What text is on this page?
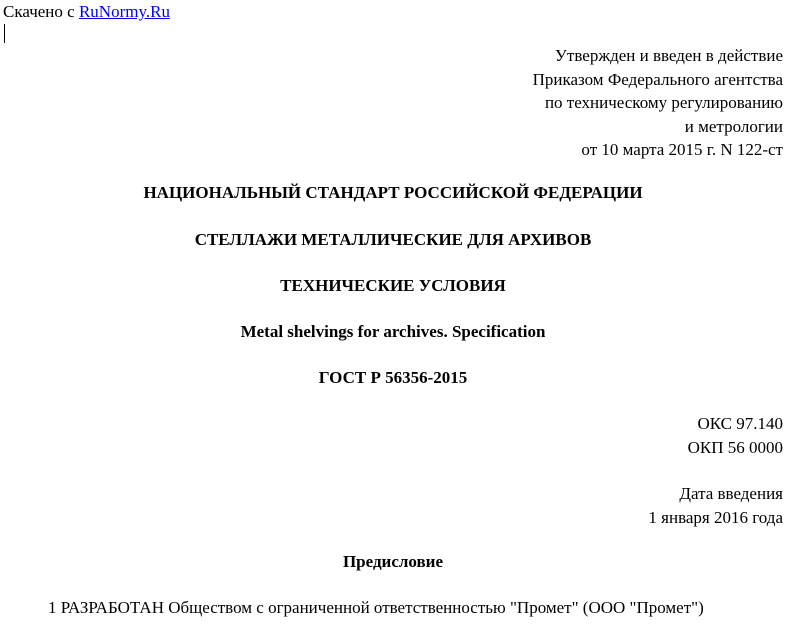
Скачено с RuNormy.Ru
Утвержден и введен в действие
Приказом Федерального агентства
по техническому регулированию
и метрологии
от 10 марта 2015 г. N 122-ст
НАЦИОНАЛЬНЫЙ СТАНДАРТ РОССИЙСКОЙ ФЕДЕРАЦИИ
СТЕЛЛАЖИ МЕТАЛЛИЧЕСКИЕ ДЛЯ АРХИВОВ
ТЕХНИЧЕСКИЕ УСЛОВИЯ
Metal shelvings for archives. Specification
ГОСТ Р 56356-2015
ОКС 97.140
ОКП 56 0000
Дата введения
1 января 2016 года
Предисловие
1 РАЗРАБОТАН Обществом с ограниченной ответственностью "Промет" (ООО "Промет")
